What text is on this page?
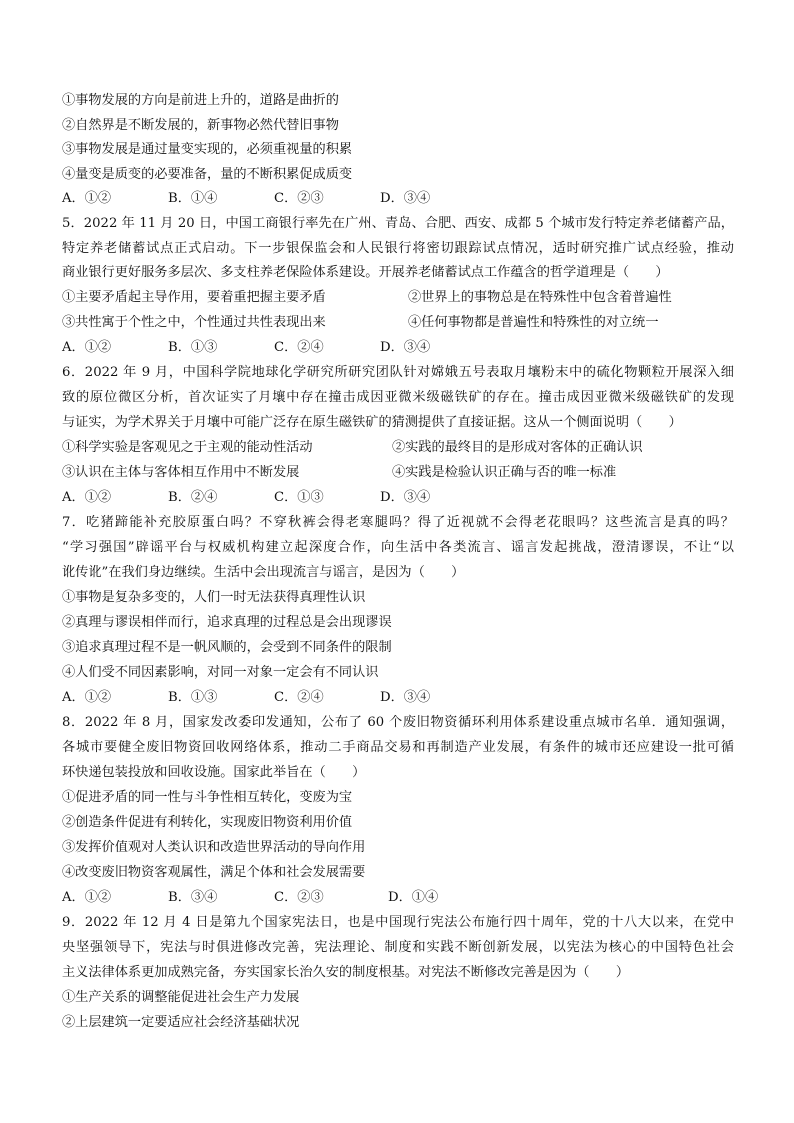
①事物发展的方向是前进上升的，道路是曲折的
②自然界是不断发展的，新事物必然代替旧事物
③事物发展是通过量变实现的，必须重视量的积累
④量变是质变的必要准备，量的不断积累促成质变
A．①②	B．①④	C．②③	D．③④
5．2022 年 11 月 20 日，中国工商银行率先在广州、青岛、合肥、西安、成都 5 个城市发行特定养老储蓄产品，
特定养老储蓄试点正式启动。下一步银保监会和人民银行将密切跟踪试点情况，适时研究推广试点经验，推动
商业银行更好服务多层次、多支柱养老保险体系建设。开展养老储蓄试点工作蕴含的哲学道理是（　　）
①主要矛盾起主导作用，要着重把握主要矛盾	②世界上的事物总是在特殊性中包含着普遍性
③共性寓于个性之中，个性通过共性表现出来	④任何事物都是普遍性和特殊性的对立统一
A．①②	B．①③	C．②④	D．③④
6．2022 年 9 月，中国科学院地球化学研究所研究团队针对嫦娥五号表取月壤粉末中的硫化物颗粒开展深入细
致的原位微区分析，首次证实了月壤中存在撞击成因亚微米级磁铁矿的存在。撞击成因亚微米级磁铁矿的发现
与证实，为学术界关于月壤中可能广泛存在原生磁铁矿的猜测提供了直接证据。这从一个侧面说明（　　）
①科学实验是客观见之于主观的能动性活动	②实践的最终目的是形成对客体的正确认识
③认识在主体与客体相互作用中不断发展	④实践是检验认识正确与否的唯一标准
A．①②	B．②④	C．①③	D．③④
7．吃猪蹄能补充胶原蛋白吗？不穿秋裤会得老寒腿吗？得了近视就不会得老花眼吗？这些流言是真的吗？
“学习强国”辟谣平台与权威机构建立起深度合作，向生活中各类流言、谣言发起挑战，澄清谬误，不让“以
讹传讹”在我们身边继续。生活中会出现流言与谣言，是因为（　　）
①事物是复杂多变的，人们一时无法获得真理性认识
②真理与谬误相伴而行，追求真理的过程总是会出现谬误
③追求真理过程不是一帆风顺的，会受到不同条件的限制
④人们受不同因素影响，对同一对象一定会有不同认识
A．①②	B．①③	C．②④	D．③④
8．2022 年 8 月，国家发改委印发通知，公布了 60 个废旧物资循环利用体系建设重点城市名单．通知强调，
各城市要健全废旧物资回收网络体系，推动二手商品交易和再制造产业发展，有条件的城市还应建设一批可循
环快递包装投放和回收设施。国家此举旨在（　　）
①促进矛盾的同一性与斗争性相互转化，变废为宝
②创造条件促进有利转化，实现废旧物资利用价值
③发挥价值观对人类认识和改造世界活动的导向作用
④改变废旧物资客观属性，满足个体和社会发展需要
A．①②	B．③④	C．②③	D．①④
9．2022 年 12 月 4 日是第九个国家宪法日，也是中国现行宪法公布施行四十周年，党的十八大以来，在党中
央坚强领导下，宪法与时俱进修改完善，宪法理论、制度和实践不断创新发展，以宪法为核心的中国特色社会
主义法律体系更加成熟完备，夯实国家长治久安的制度根基。对宪法不断修改完善是因为（　　）
①生产关系的调整能促进社会生产力发展
②上层建筑一定要适应社会经济基础状况
